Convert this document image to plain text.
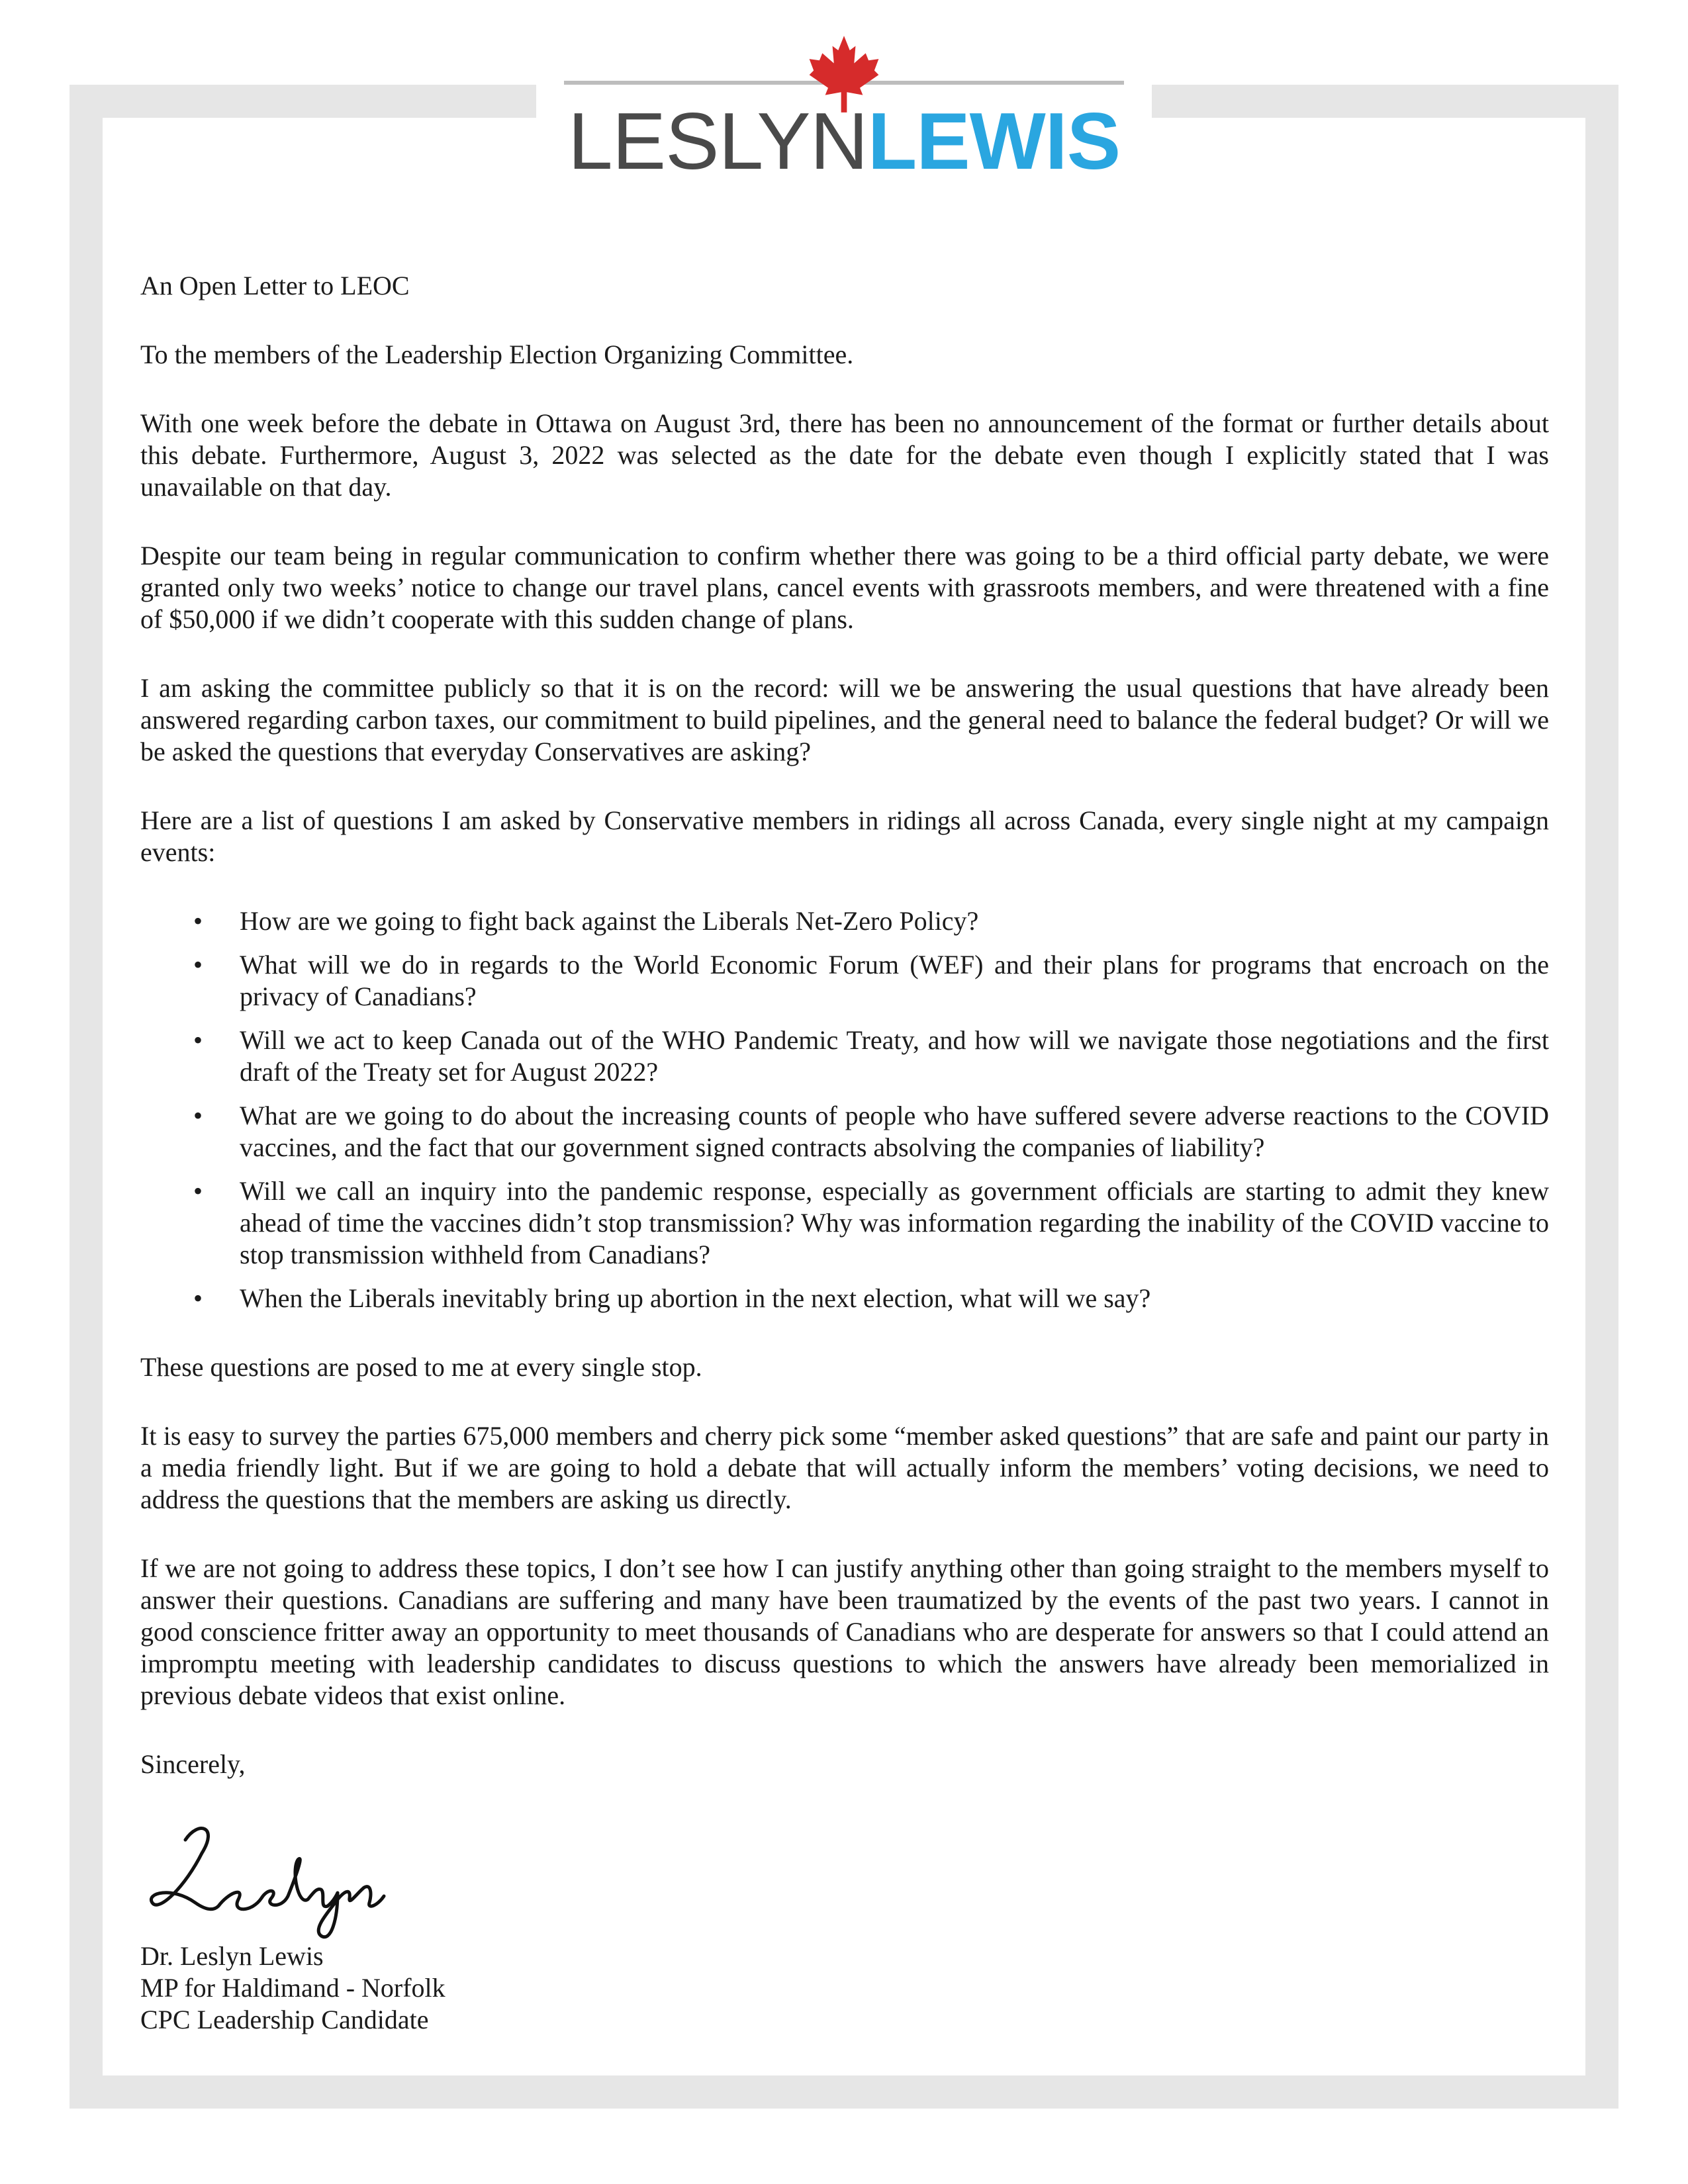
LESLYNLEWIS

An Open Letter to LEOC

To the members of the Leadership Election Organizing Committee.

With one week before the debate in Ottawa on August 3rd, there has been no announcement of the format or further details about this debate. Furthermore, August 3, 2022 was selected as the date for the debate even though I explicitly stated that I was unavailable on that day.

Despite our team being in regular communication to confirm whether there was going to be a third official party debate, we were granted only two weeks’ notice to change our travel plans, cancel events with grassroots members, and were threatened with a fine of $50,000 if we didn’t cooperate with this sudden change of plans.

I am asking the committee publicly so that it is on the record: will we be answering the usual questions that have already been answered regarding carbon taxes, our commitment to build pipelines, and the general need to balance the federal budget? Or will we be asked the questions that everyday Conservatives are asking?

Here are a list of questions I am asked by Conservative members in ridings all across Canada, every single night at my campaign events:

•	How are we going to fight back against the Liberals Net-Zero Policy?
•	What will we do in regards to the World Economic Forum (WEF) and their plans for programs that encroach on the privacy of Canadians?
•	Will we act to keep Canada out of the WHO Pandemic Treaty, and how will we navigate those negotiations and the first draft of the Treaty set for August 2022?
•	What are we going to do about the increasing counts of people who have suffered severe adverse reactions to the COVID vaccines, and the fact that our government signed contracts absolving the companies of liability?
•	Will we call an inquiry into the pandemic response, especially as government officials are starting to admit they knew ahead of time the vaccines didn’t stop transmission? Why was information regarding the inability of the COVID vaccine to stop transmission withheld from Canadians?
•	When the Liberals inevitably bring up abortion in the next election, what will we say?

These questions are posed to me at every single stop.

It is easy to survey the parties 675,000 members and cherry pick some “member asked questions” that are safe and paint our party in a media friendly light. But if we are going to hold a debate that will actually inform the members’ voting decisions, we need to address the questions that the members are asking us directly.

If we are not going to address these topics, I don’t see how I can justify anything other than going straight to the members myself to answer their questions. Canadians are suffering and many have been traumatized by the events of the past two years. I cannot in good conscience fritter away an opportunity to meet thousands of Canadians who are desperate for answers so that I could attend an impromptu meeting with leadership candidates to discuss questions to which the answers have already been memorialized in previous debate videos that exist online.

Sincerely,

Dr. Leslyn Lewis
MP for Haldimand - Norfolk
CPC Leadership Candidate
